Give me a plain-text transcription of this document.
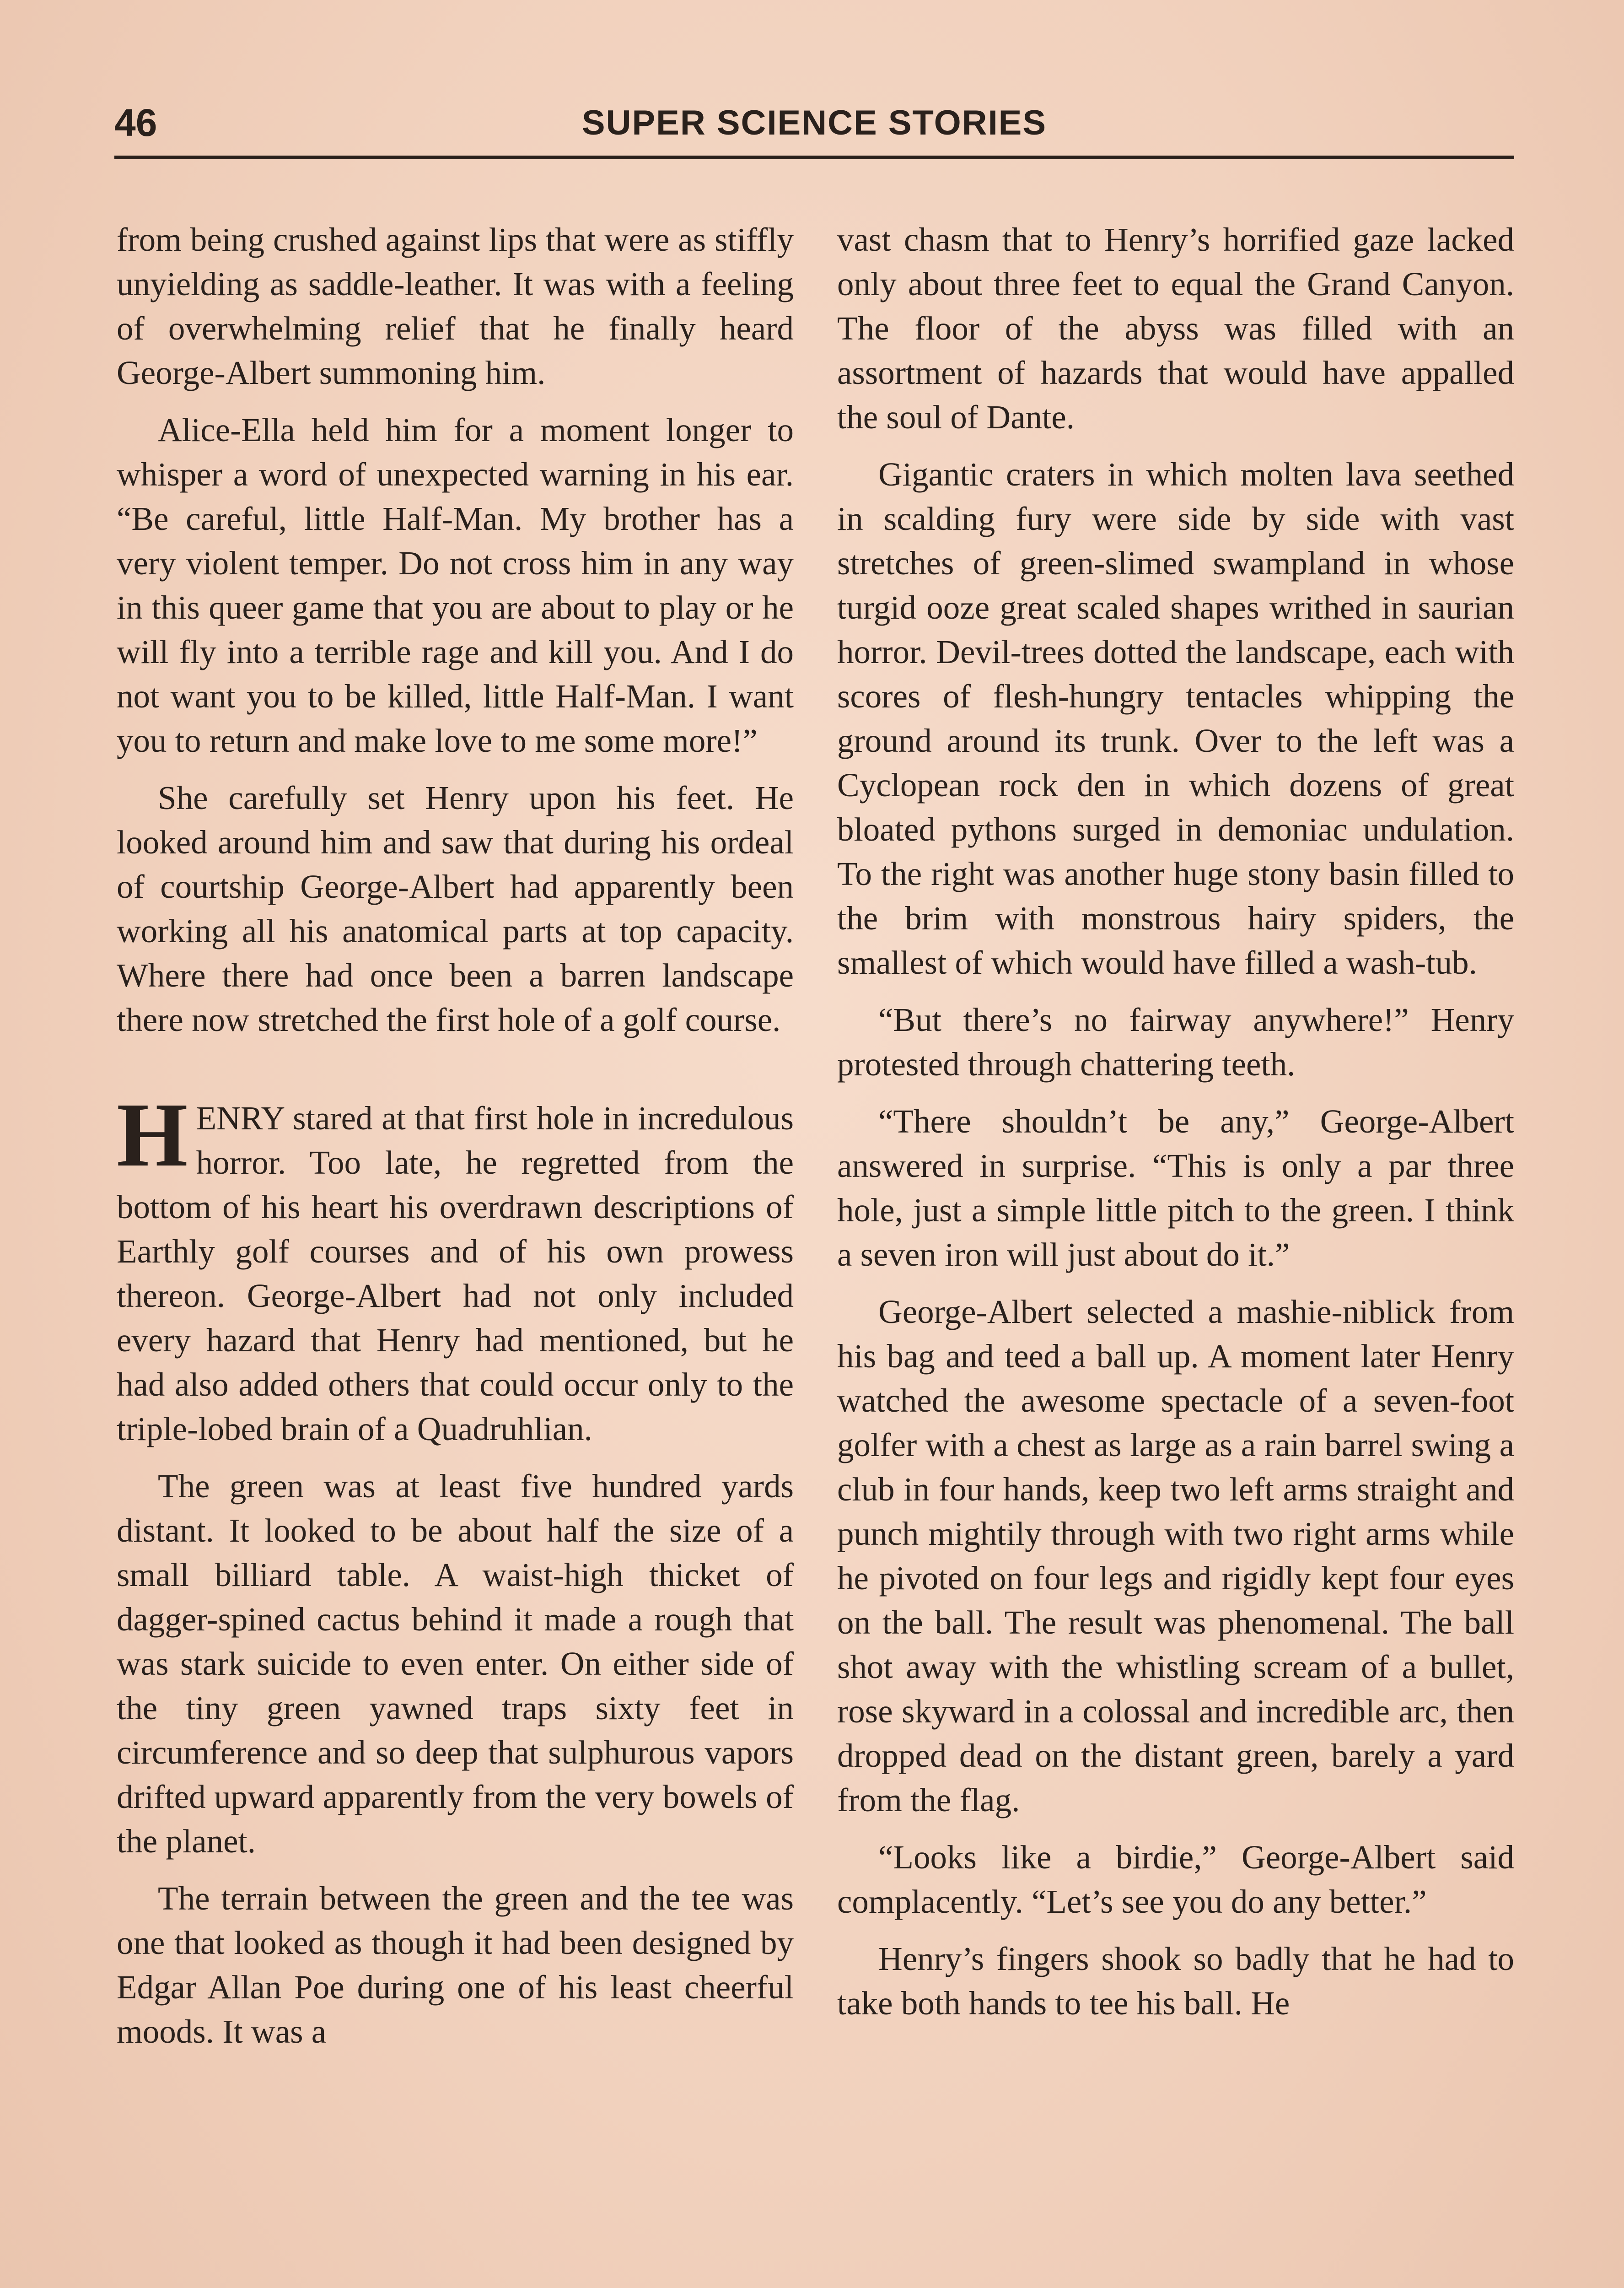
46	SUPER SCIENCE STORIES

from being crushed against lips that were as stiffly unyielding as saddle-leather. It was with a feeling of overwhelming relief that he finally heard George-Albert summoning him.

Alice-Ella held him for a moment longer to whisper a word of unexpected warning in his ear. “Be careful, little Half-Man. My brother has a very violent temper. Do not cross him in any way in this queer game that you are about to play or he will fly into a terrible rage and kill you. And I do not want you to be killed, little Half-Man. I want you to return and make love to me some more!”

She carefully set Henry upon his feet. He looked around him and saw that during his ordeal of courtship George-Albert had apparently been working all his anatomical parts at top capacity. Where there had once been a barren landscape there now stretched the first hole of a golf course.

HENRY stared at that first hole in incredulous horror. Too late, he regretted from the bottom of his heart his overdrawn descriptions of Earthly golf courses and of his own prowess thereon. George-Albert had not only included every hazard that Henry had mentioned, but he had also added others that could occur only to the triple-lobed brain of a Quadruhlian.

The green was at least five hundred yards distant. It looked to be about half the size of a small billiard table. A waist-high thicket of dagger-spined cactus behind it made a rough that was stark suicide to even enter. On either side of the tiny green yawned traps sixty feet in circumference and so deep that sulphurous vapors drifted upward apparently from the very bowels of the planet.

The terrain between the green and the tee was one that looked as though it had been designed by Edgar Allan Poe during one of his least cheerful moods. It was a

vast chasm that to Henry’s horrified gaze lacked only about three feet to equal the Grand Canyon. The floor of the abyss was filled with an assortment of hazards that would have appalled the soul of Dante.

Gigantic craters in which molten lava seethed in scalding fury were side by side with vast stretches of green-slimed swampland in whose turgid ooze great scaled shapes writhed in saurian horror. Devil-trees dotted the landscape, each with scores of flesh-hungry tentacles whipping the ground around its trunk. Over to the left was a Cyclopean rock den in which dozens of great bloated pythons surged in demoniac undulation. To the right was another huge stony basin filled to the brim with monstrous hairy spiders, the smallest of which would have filled a wash-tub.

“But there’s no fairway anywhere!” Henry protested through chattering teeth.

“There shouldn’t be any,” George-Albert answered in surprise. “This is only a par three hole, just a simple little pitch to the green. I think a seven iron will just about do it.”

George-Albert selected a mashie-niblick from his bag and teed a ball up. A moment later Henry watched the awesome spectacle of a seven-foot golfer with a chest as large as a rain barrel swing a club in four hands, keep two left arms straight and punch mightily through with two right arms while he pivoted on four legs and rigidly kept four eyes on the ball. The result was phenomenal. The ball shot away with the whistling scream of a bullet, rose skyward in a colossal and incredible arc, then dropped dead on the distant green, barely a yard from the flag.

“Looks like a birdie,” George-Albert said complacently. “Let’s see you do any better.”

Henry’s fingers shook so badly that he had to take both hands to tee his ball. He
